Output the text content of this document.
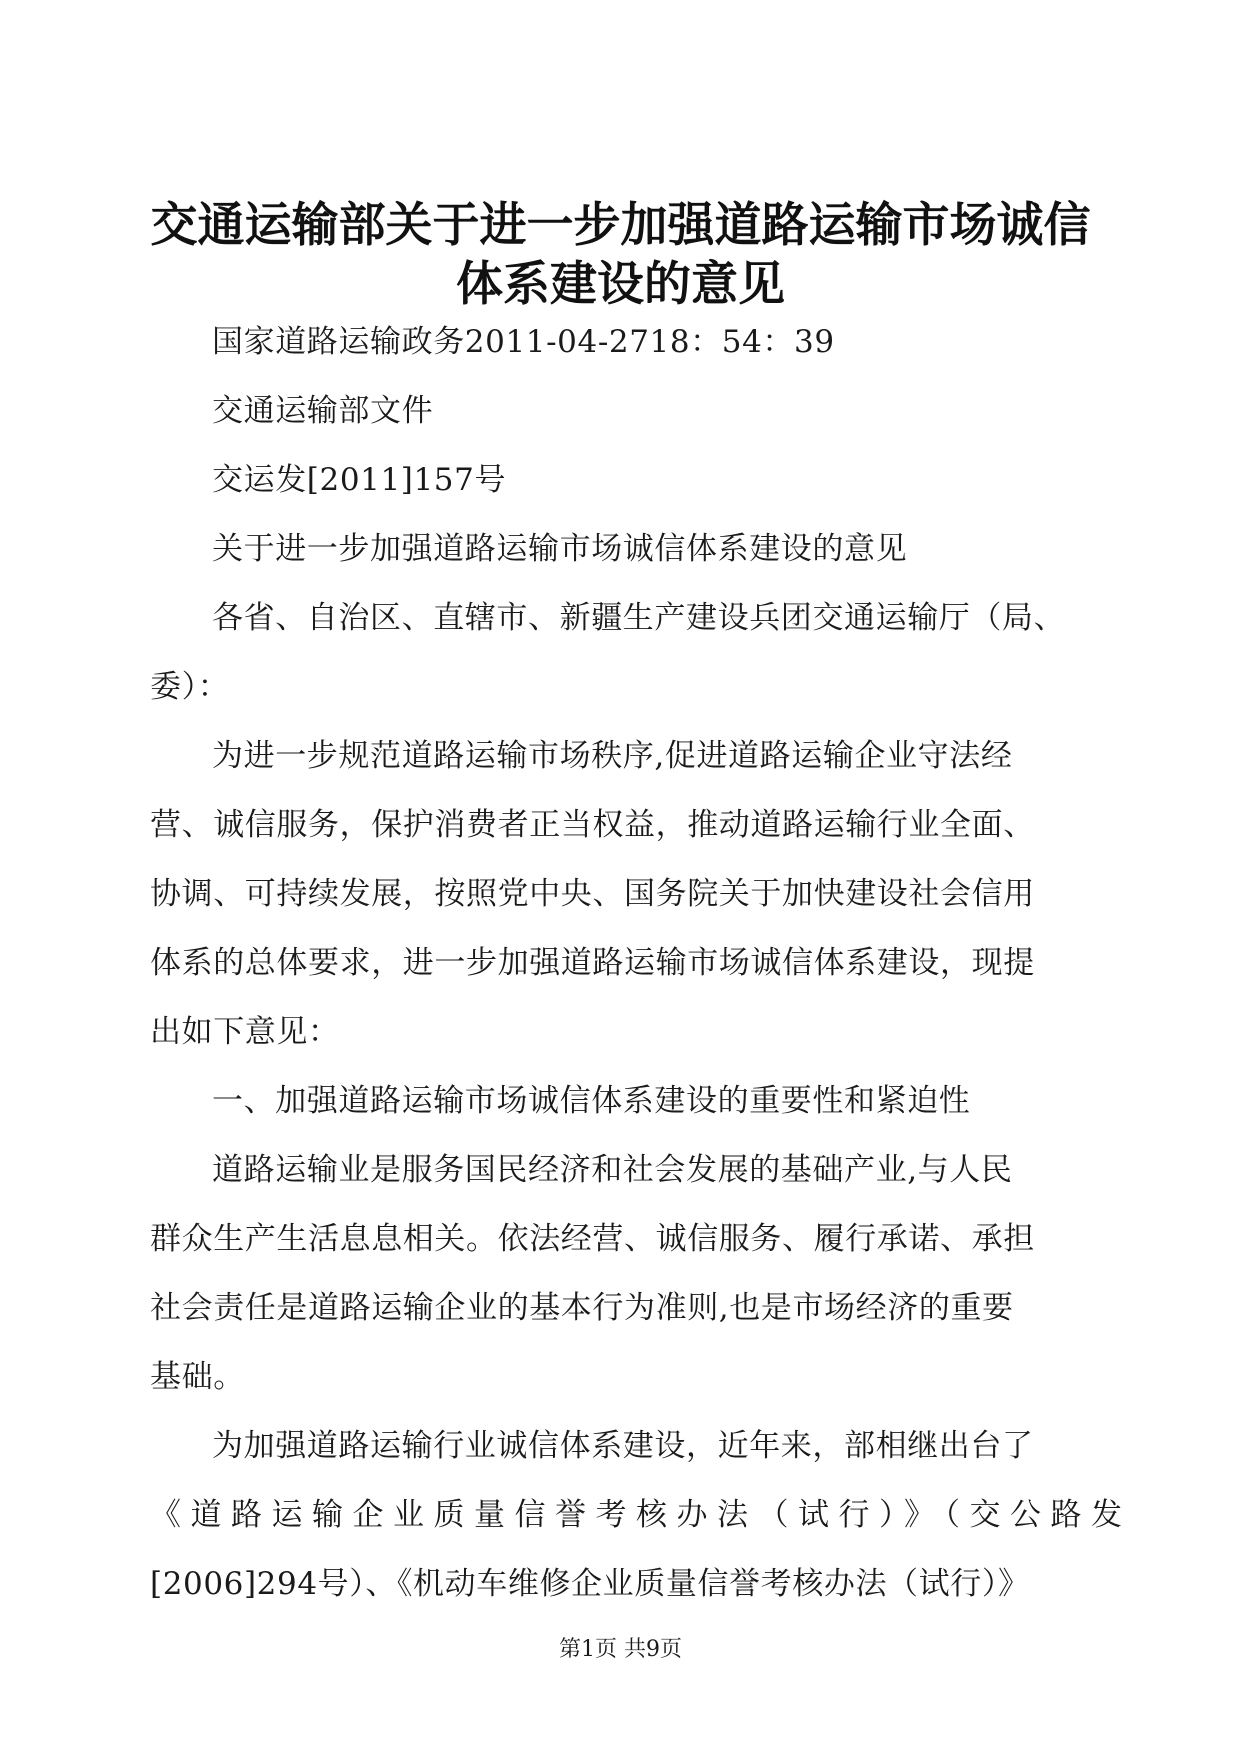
交通运输部关于进一步加强道路运输市场诚信
体系建设的意见

国家道路运输政务2011-04-2718：54：39

交通运输部文件

交运发[2011]157号

关于进一步加强道路运输市场诚信体系建设的意见

各省、自治区、直辖市、新疆生产建设兵团交通运输厅（局、
委）：

为进一步规范道路运输市场秩序,促进道路运输企业守法经
营、诚信服务，保护消费者正当权益，推动道路运输行业全面、
协调、可持续发展，按照党中央、国务院关于加快建设社会信用
体系的总体要求，进一步加强道路运输市场诚信体系建设，现提
出如下意见：

一、加强道路运输市场诚信体系建设的重要性和紧迫性

道路运输业是服务国民经济和社会发展的基础产业,与人民
群众生产生活息息相关。依法经营、诚信服务、履行承诺、承担
社会责任是道路运输企业的基本行为准则,也是市场经济的重要
基础。

为加强道路运输行业诚信体系建设，近年来，部相继出台了
《道路运输企业质量信誉考核办法（试行）》（交公路发
[2006]294号）、《机动车维修企业质量信誉考核办法（试行）》

第1页 共9页
